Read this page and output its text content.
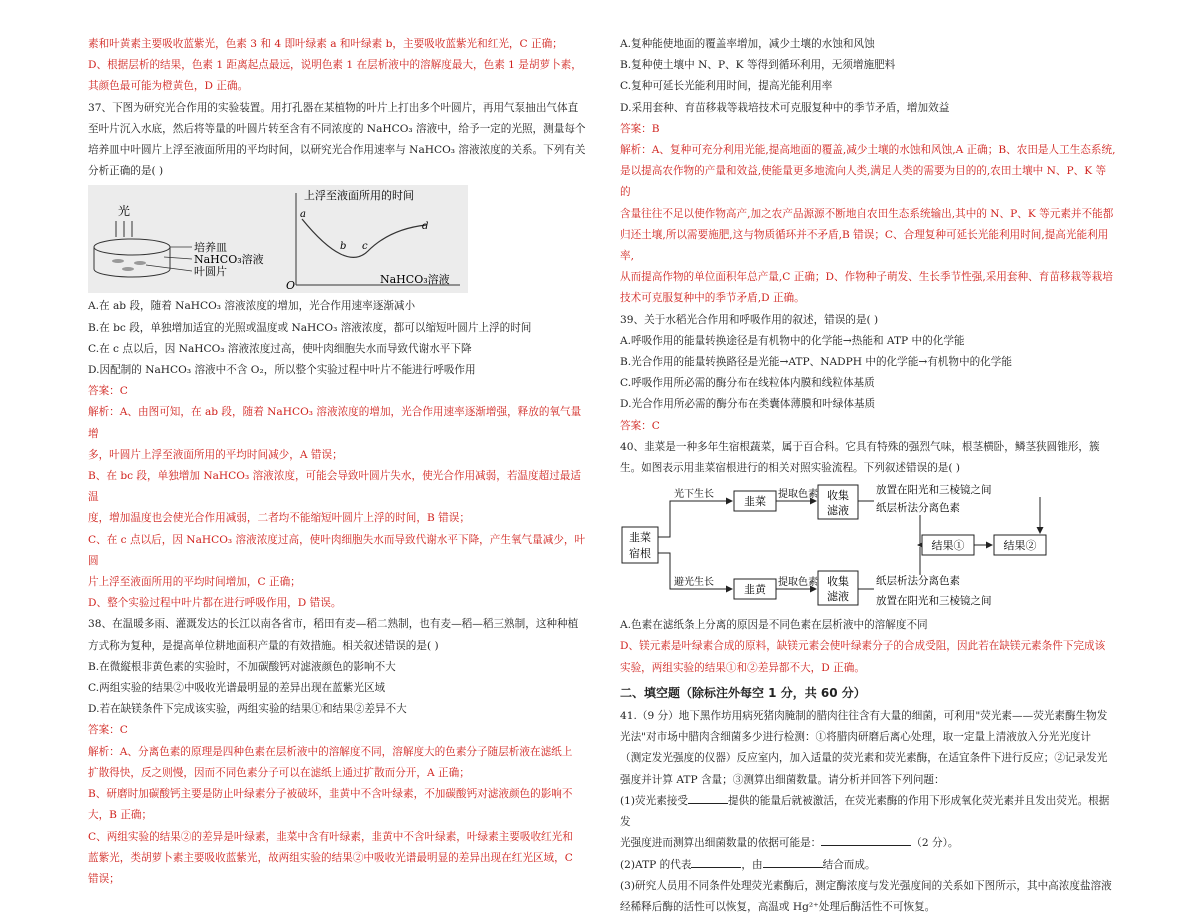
素和叶黄素主要吸收蓝紫光，色素 3 和 4 即叶绿素 a 和叶绿素 b，主要吸收蓝紫光和红光，C 正确；

D、根据层析的结果，色素 1 距离起点最远，说明色素 1 在层析液中的溶解度最大，色素 1 是胡萝卜素，

其颜色最可能为橙黄色，D 正确。

37、下图为研究光合作用的实验装置。用打孔器在某植物的叶片上打出多个叶圆片，再用气泵抽出气体直

至叶片沉入水底，然后将等量的叶圆片转至含有不同浓度的 NaHCO₃ 溶液中，给予一定的光照，测量每个

培养皿中叶圆片上浮至液面所用的平均时间，以研究光合作用速率与 NaHCO₃ 溶液浓度的关系。下列有关

分析正确的是( )

光
培养皿
NaHCO₃溶液
叶圆片
O
上浮至液面所用的时间
NaHCO₃溶液
a
b c
d

A.在 ab 段，随着 NaHCO₃ 溶液浓度的增加，光合作用速率逐渐减小

B.在 bc 段，单独增加适宜的光照或温度或 NaHCO₃ 溶液浓度，都可以缩短叶圆片上浮的时间

C.在 c 点以后，因 NaHCO₃ 溶液浓度过高，使叶肉细胞失水而导致代谢水平下降

D.因配制的 NaHCO₃ 溶液中不含 O₂，所以整个实验过程中叶片不能进行呼吸作用

答案：C

解析：A、由图可知，在 ab 段，随着 NaHCO₃ 溶液浓度的增加，光合作用速率逐渐增强，释放的氧气量增

多，叶圆片上浮至液面所用的平均时间减少，A 错误；

B、在 bc 段，单独增加 NaHCO₃ 溶液浓度，可能会导致叶圆片失水，使光合作用减弱，若温度超过最适温

度，增加温度也会使光合作用减弱，二者均不能缩短叶圆片上浮的时间，B 错误；

C、在 c 点以后，因 NaHCO₃ 溶液浓度过高，使叶肉细胞失水而导致代谢水平下降，产生氧气量减少，叶圆

片上浮至液面所用的平均时间增加，C 正确；

D、整个实验过程中叶片都在进行呼吸作用，D 错误。

38、在温暖多雨、灌溉发达的长江以南各省市，稻田有麦—稻二熟制，也有麦—稻—稻三熟制，这种种植

方式称为复种，是提高单位耕地面积产量的有效措施。相关叙述错误的是( )

B.在微縦根非黄色素的实验时，不加碳酸钙对滤液颜色的影响不大

C.两组实验的结果②中吸收光谱最明显的差异出现在蓝紫光区域

D.若在缺镁条件下完成该实验，两组实验的结果①和结果②差异不大

答案：C

解析：A、分离色素的原理是四种色素在层析液中的溶解度不同，溶解度大的色素分子随层析液在滤纸上

扩散得快，反之则慢，因而不同色素分子可以在滤纸上通过扩散而分开，A 正确；

B、研磨时加碳酸钙主要是防止叶绿素分子被破坏，韭黄中不含叶绿素，不加碳酸钙对滤液颜色的影响不

大，B 正确；

C、两组实验的结果②的差异是叶绿素，韭菜中含有叶绿素，韭黄中不含叶绿素，叶绿素主要吸收红光和

蓝紫光，类胡萝卜素主要吸收蓝紫光，故两组实验的结果②中吸收光谱最明显的差异出现在红光区域，C

错误；

A.复种能使地面的覆盖率增加，减少土壤的水蚀和风蚀

B.复种使土壤中 N、P、K 等得到循环利用，无须增施肥料

C.复种可延长光能利用时间，提高光能利用率

D.采用套种、育苗移栽等栽培技术可克服复种中的季节矛盾，增加效益

答案：B

解析：A、复种可充分利用光能,提高地面的覆盖,减少土壤的水蚀和风蚀,A 正确；B、农田是人工生态系统,

是以提高农作物的产量和效益,使能量更多地流向人类,满足人类的需要为目的的,农田土壤中 N、P、K 等的

含量往往不足以使作物高产,加之农产品源源不断地自农田生态系统输出,其中的 N、P、K 等元素并不能都

归还土壤,所以需要施肥,这与物质循环并不矛盾,B 错误；C、合理复种可延长光能利用时间,提高光能利用率,

从而提高作物的单位面积年总产量,C 正确；D、作物种子萌发、生长季节性强,采用套种、育苗移栽等栽培

技术可克服复种中的季节矛盾,D 正确。

39、关于水稻光合作用和呼吸作用的叙述，错误的是( )

A.呼吸作用的能量转换途径是有机物中的化学能→热能和 ATP 中的化学能

B.光合作用的能量转换路径是光能→ATP、NADPH 中的化学能→有机物中的化学能

C.呼吸作用所必需的酶分布在线粒体内膜和线粒体基质

D.光合作用所必需的酶分布在类囊体薄膜和叶绿体基质

答案：C

40、韭菜是一种多年生宿根蔬菜，属于百合科。它具有特殊的强烈气味，根茎横卧，鳞茎狭圆锥形，簇

生。如图表示用韭菜宿根进行的相关对照实验流程。下列叙述错误的是( )

韭菜
宿根
光下生长
避光生长
韭菜
韭黄
提取色素
提取色素
收集
滤液
收集
滤液
放置在阳光和三棱镜之间
纸层析法分离色素
纸层析法分离色素
放置在阳光和三棱镜之间
结果①	结果②

A.色素在滤纸条上分离的原因是不同色素在层析液中的溶解度不同

D、镁元素是叶绿素合成的原料，缺镁元素会使叶绿素分子的合成受阻，因此若在缺镁元素条件下完成该

实验，两组实验的结果①和②差异都不大，D 正确。

二、填空题（除标注外每空 1 分，共 60 分）

41.（9 分）地下黑作坊用病死猪肉腌制的腊肉往往含有大量的细菌，可利用"荧光素——荧光素酶生物发

光法"对市场中腊肉含细菌多少进行检测：①将腊肉研磨后离心处理，取一定量上清液放入分光光度计

（测定发光强度的仪器）反应室内，加入适量的荧光素和荧光素酶，在适宜条件下进行反应；②记录发光

强度并计算 ATP 含量；③测算出细菌数量。请分析并回答下列问题：

(1)荧光素接受	提供的能量后就被激活，在荧光素酶的作用下形成氧化荧光素并且发出荧光。根据发

光强度进而测算出细菌数量的依据可能是：	（2 分）。

(2)ATP 的代表	，由	结合而成。

(3)研究人员用不同条件处理荧光素酶后，测定酶浓度与发光强度间的关系如下图所示，其中高浓度盐溶液

经稀释后酶的活性可以恢复，高温或 Hg²⁺处理后酶活性不可恢复。
